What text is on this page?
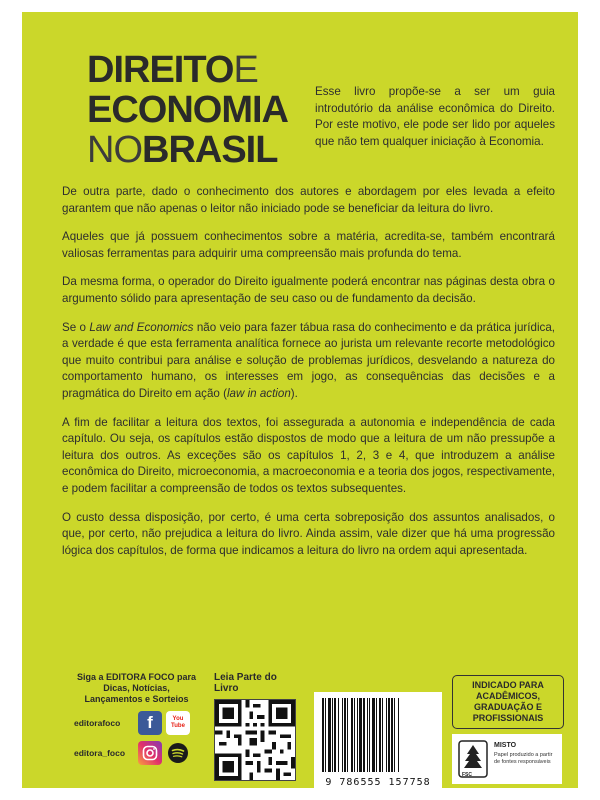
DIREITOE
ECONOMIA
NOBRASIL
Esse livro propõe-se a ser um guia introdutório da análise econômica do Direito. Por este motivo, ele pode ser lido por aqueles que não tem qualquer iniciação à Economia.

De outra parte, dado o conhecimento dos autores e abordagem por eles levada a efeito garantem que não apenas o leitor não iniciado pode se beneficiar da leitura do livro.

Aqueles que já possuem conhecimentos sobre a matéria, acredita-se, também encontrará valiosas ferramentas para adquirir uma compreensão mais profunda do tema.

Da mesma forma, o operador do Direito igualmente poderá encontrar nas páginas desta obra o argumento sólido para apresentação de seu caso ou de fundamento da decisão.

Se o Law and Economics não veio para fazer tábua rasa do conhecimento e da prática jurídica, a verdade é que esta ferramenta analítica fornece ao jurista um relevante recorte metodológico que muito contribui para análise e solução de problemas jurídicos, desvelando a natureza do comportamento humano, os interesses em jogo, as consequências das decisões e a pragmática do Direito em ação (law in action).

A fim de facilitar a leitura dos textos, foi assegurada a autonomia e independência de cada capítulo. Ou seja, os capítulos estão dispostos de modo que a leitura de um não pressupõe a leitura dos outros. As exceções são os capítulos 1, 2, 3 e 4, que introduzem a análise econômica do Direito, microeconomia, a macroeconomia e a teoria dos jogos, respectivamente, e podem facilitar a compreensão de todos os textos subsequentes.

O custo dessa disposição, por certo, é uma certa sobreposição dos assuntos analisados, o que, por certo, não prejudica a leitura do livro. Ainda assim, vale dizer que há uma progressão lógica dos capítulos, de forma que indicamos a leitura do livro na ordem aqui apresentada.

Siga a EDITORA FOCO para Dicas, Notícias, Lançamentos e Sorteios
editorafoco	f	You Tube
editora_foco
Leia Parte do Livro
9 786555 157758
INDICADO PARA
ACADÊMICOS,
GRADUAÇÃO E
PROFISSIONAIS
FSC
MISTO
Papel produzido a partir de fontes responsáveis
